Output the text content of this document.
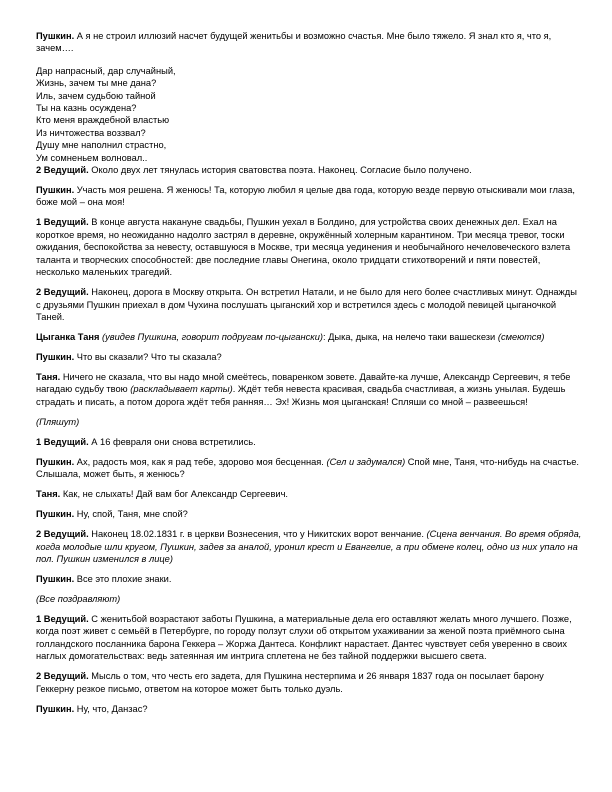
Пушкин. А я не строил иллюзий насчет будущей женитьбы и возможно счастья. Мне было тяжело. Я знал кто я, что я, зачем….

Дар напрасный, дар случайный,
Жизнь, зачем ты мне дана?
Иль, зачем судьбою тайной
Ты на казнь осуждена?
Кто меня враждебной властью
Из ничтожества воззвал?
Душу мне наполнил страстно,
Ум сомненьем волновал..

2 Ведущий. Около двух лет тянулась история сватовства поэта. Наконец. Согласие было получено.

Пушкин. Участь моя решена. Я женюсь! Та, которую любил я целые два года, которую везде первую отыскивали мои глаза, боже мой – она моя!

1 Ведущий. В конце августа накануне свадьбы, Пушкин уехал в Болдино, для устройства своих денежных дел. Ехал на короткое время, но неожиданно надолго застрял в деревне, окружённый холерным карантином. Три месяца тревог, тоски ожидания, беспокойства за невесту, оставшуюся в Москве, три месяца уединения и необычайного нечеловеческого взлета таланта и творческих способностей: две последние главы Онегина, около тридцати стихотворений и пяти повестей, несколько маленьких трагедий.

2 Ведущий. Наконец, дорога в Москву открыта. Он встретил Натали, и не было для него более счастливых минут. Однажды с друзьями Пушкин приехал в дом Чухина послушать цыганский хор и встретился здесь с молодой певицей цыганочкой Таней.

Цыганка Таня (увидев Пушкина, говорит подругам по-цыгански): Дыка, дыка, на нелечо таки вашескези (смеются)

Пушкин. Что вы сказали? Что ты сказала?

Таня. Ничего не сказала, что вы надо мной смеётесь, поваренком зовете. Давайте-ка лучше, Александр Сергеевич, я тебе нагадаю судьбу твою (раскладывает карты). Ждёт тебя невеста красивая, свадьба счастливая, а жизнь унылая. Будешь страдать и писать, а потом дорога ждёт тебя ранняя… Эх! Жизнь моя цыганская! Спляши со мной – развеешься!

(Пляшут)

1 Ведущий. А 16 февраля они снова встретились.

Пушкин. Ах, радость моя, как я рад тебе, здорово моя бесценная. (Сел и задумался) Спой мне, Таня, что-нибудь на счастье. Слышала, может быть, я женюсь?

Таня. Как, не слыхать! Дай вам бог Александр Сергеевич.

Пушкин. Ну, спой, Таня, мне спой?

2 Ведущий. Наконец 18.02.1831 г. в церкви Вознесения, что у Никитских ворот венчание. (Сцена венчания. Во время обряда, когда молодые шли кругом, Пушкин, задев за аналой, уронил крест и Евангелие, а при обмене колец, одно из них упало на пол. Пушкин изменился в лице)

Пушкин. Все это плохие знаки.

(Все поздравляют)

1 Ведущий. С женитьбой возрастают заботы Пушкина, а материальные дела его оставляют желать много лучшего. Позже, когда поэт живет с семьёй в Петербурге, по городу ползут слухи об открытом ухаживании за женой поэта приёмного сына голландского посланника барона Геккера – Жоржа Дантеса. Конфликт нарастает. Дантес чувствует себя уверенно в своих наглых домогательствах: ведь затеянная им интрига сплетена не без тайной поддержки высшего света.

2 Ведущий. Мысль о том, что честь его задета, для Пушкина нестерпима и 26 января 1837 года он посылает барону Геккерну резкое письмо, ответом на которое может быть только дуэль.

Пушкин. Ну, что, Данзас?
